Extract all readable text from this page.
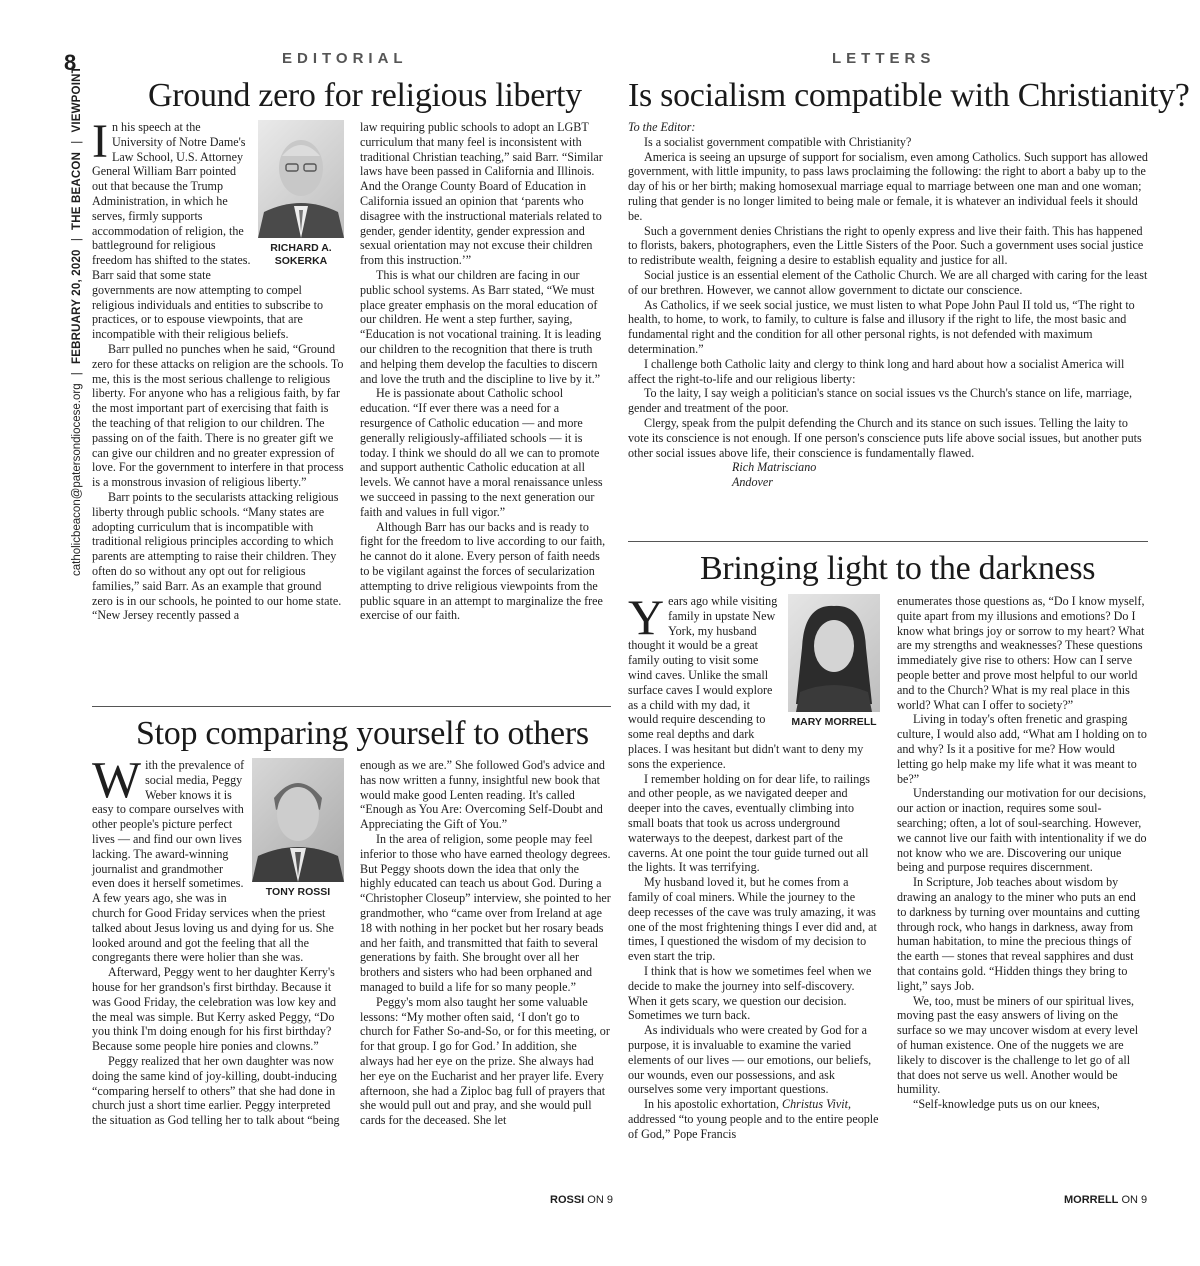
8
catholicbeacon@patersondiocese.org | FEBRUARY 20, 2020 | THE BEACON | VIEWPOINT
EDITORIAL	LETTERS
Ground zero for religious liberty
RICHARD A. SOKERKA
I n his speech at the University of Notre Dame's Law School, U.S. Attorney General William Barr pointed out that because the Trump Administration, in which he serves, firmly supports accommodation of religion, the battleground for religious freedom has shifted to the states.

Barr said that some state governments are now attempting to compel religious individuals and entities to subscribe to practices, or to espouse viewpoints, that are incompatible with their religious beliefs.

Barr pulled no punches when he said, “Ground zero for these attacks on religion are the schools. To me, this is the most serious challenge to religious liberty. For anyone who has a religious faith, by far the most important part of exercising that faith is the teaching of that religion to our children. The passing on of the faith. There is no greater gift we can give our children and no greater expression of love. For the government to interfere in that process is a monstrous invasion of religious liberty.”

Barr points to the secularists attacking religious liberty through public schools. “Many states are adopting curriculum that is incompatible with traditional religious principles according to which parents are attempting to raise their children. They often do so without any opt out for religious families,” said Barr. As an example that ground zero is in our schools, he pointed to our home state. “New Jersey recently passed a

law requiring public schools to adopt an LGBT curriculum that many feel is inconsistent with traditional Christian teaching,” said Barr. “Similar laws have been passed in California and Illinois. And the Orange County Board of Education in California issued an opinion that ‘parents who disagree with the instructional materials related to gender, gender identity, gender expression and sexual orientation may not excuse their children from this instruction.’”

This is what our children are facing in our public school systems. As Barr stated, “We must place greater emphasis on the moral education of our children. He went a step further, saying, “Education is not vocational training. It is leading our children to the recognition that there is truth and helping them develop the faculties to discern and love the truth and the discipline to live by it.”

He is passionate about Catholic school education. “If ever there was a need for a resurgence of Catholic education — and more generally religiously-affiliated schools — it is today. I think we should do all we can to promote and support authentic Catholic education at all levels. We cannot have a moral renaissance unless we succeed in passing to the next generation our faith and values in full vigor.”

Although Barr has our backs and is ready to fight for the freedom to live according to our faith, he cannot do it alone. Every person of faith needs to be vigilant against the forces of secularization attempting to drive religious viewpoints from the public square in an attempt to marginalize the free exercise of our faith.

Is socialism compatible with Christianity?

To the Editor:

Is a socialist government compatible with Christianity?

America is seeing an upsurge of support for socialism, even among Catholics. Such support has allowed government, with little impunity, to pass laws proclaiming the following: the right to abort a baby up to the day of his or her birth; making homosexual marriage equal to marriage between one man and one woman; ruling that gender is no longer limited to being male or female, it is whatever an individual feels it should be.

Such a government denies Christians the right to openly express and live their faith. This has happened to florists, bakers, photographers, even the Little Sisters of the Poor. Such a government uses social justice to redistribute wealth, feigning a desire to establish equality and justice for all.

Social justice is an essential element of the Catholic Church. We are all charged with caring for the least of our brethren. However, we cannot allow government to dictate our conscience.

As Catholics, if we seek social justice, we must listen to what Pope John Paul II told us, “The right to health, to home, to work, to family, to culture is false and illusory if the right to life, the most basic and fundamental right and the condition for all other personal rights, is not defended with maximum determination.”

I challenge both Catholic laity and clergy to think long and hard about how a socialist America will affect the right-to-life and our religious liberty:

To the laity, I say weigh a politician's stance on social issues vs the Church's stance on life, marriage, gender and treatment of the poor.

Clergy, speak from the pulpit defending the Church and its stance on such issues. Telling the laity to vote its conscience is not enough. If one person's conscience puts life above social issues, but another puts other social issues above life, their conscience is fundamentally flawed.

Rich Matrisciano
Andover
Stop comparing yourself to others
TONY ROSSI
W ith the prevalence of social media, Peggy Weber knows it is easy to compare ourselves with other people's picture perfect lives — and find our own lives lacking. The award-winning journalist and grandmother even does it herself sometimes. A few years ago, she was in church for Good Friday services when the priest talked about Jesus loving us and dying for us. She looked around and got the feeling that all the congregants there were holier than she was.

Afterward, Peggy went to her daughter Kerry's house for her grandson's first birthday. Because it was Good Friday, the celebration was low key and the meal was simple. But Kerry asked Peggy, “Do you think I'm doing enough for his first birthday? Because some people hire ponies and clowns.”

Peggy realized that her own daughter was now doing the same kind of joy-killing, doubt-inducing “comparing herself to others” that she had done in church just a short time earlier. Peggy interpreted the situation as God telling her to talk about “being

enough as we are.” She followed God's advice and has now written a funny, insightful new book that would make good Lenten reading. It's called “Enough as You Are: Overcoming Self-Doubt and Appreciating the Gift of You.”

In the area of religion, some people may feel inferior to those who have earned theology degrees. But Peggy shoots down the idea that only the highly educated can teach us about God. During a “Christopher Closeup” interview, she pointed to her grandmother, who “came over from Ireland at age 18 with nothing in her pocket but her rosary beads and her faith, and transmitted that faith to several generations by faith. She brought over all her brothers and sisters who had been orphaned and managed to build a life for so many people.”

Peggy's mom also taught her some valuable lessons: “My mother often said, ‘I don't go to church for Father So-and-So, or for this meeting, or for that group. I go for God.’ In addition, she always had her eye on the prize. She always had her eye on the Eucharist and her prayer life. Every afternoon, she had a Ziploc bag full of prayers that she would pull out and pray, and she would pull cards for the deceased. She let

ROSSI ON 9
Bringing light to the darkness
MARY MORRELL
Y ears ago while visiting family in upstate New York, my husband thought it would be a great family outing to visit some wind caves. Unlike the small surface caves I would explore as a child with my dad, it would require descending to some real depths and dark places. I was hesitant but didn't want to deny my sons the experience.

I remember holding on for dear life, to railings and other people, as we navigated deeper and deeper into the caves, eventually climbing into small boats that took us across underground waterways to the deepest, darkest part of the caverns. At one point the tour guide turned out all the lights. It was terrifying.

My husband loved it, but he comes from a family of coal miners. While the journey to the deep recesses of the cave was truly amazing, it was one of the most frightening things I ever did and, at times, I questioned the wisdom of my decision to even start the trip.

I think that is how we sometimes feel when we decide to make the journey into self-discovery. When it gets scary, we question our decision. Sometimes we turn back.

As individuals who were created by God for a purpose, it is invaluable to examine the varied elements of our lives — our emotions, our beliefs, our wounds, even our possessions, and ask ourselves some very important questions.

In his apostolic exhortation, Christus Vivit, addressed “to young people and to the entire people of God,” Pope Francis

enumerates those questions as, “Do I know myself, quite apart from my illusions and emotions? Do I know what brings joy or sorrow to my heart? What are my strengths and weaknesses? These questions immediately give rise to others: How can I serve people better and prove most helpful to our world and to the Church? What is my real place in this world? What can I offer to society?”

Living in today's often frenetic and grasping culture, I would also add, “What am I holding on to and why? Is it a positive for me? How would letting go help make my life what it was meant to be?”

Understanding our motivation for our decisions, our action or inaction, requires some soul-searching; often, a lot of soul-searching. However, we cannot live our faith with intentionality if we do not know who we are. Discovering our unique being and purpose requires discernment.

In Scripture, Job teaches about wisdom by drawing an analogy to the miner who puts an end to darkness by turning over mountains and cutting through rock, who hangs in darkness, away from human habitation, to mine the precious things of the earth — stones that reveal sapphires and dust that contains gold. “Hidden things they bring to light,” says Job.

We, too, must be miners of our spiritual lives, moving past the easy answers of living on the surface so we may uncover wisdom at every level of human existence. One of the nuggets we are likely to discover is the challenge to let go of all that does not serve us well. Another would be humility.

“Self-knowledge puts us on our knees,

MORRELL ON 9
